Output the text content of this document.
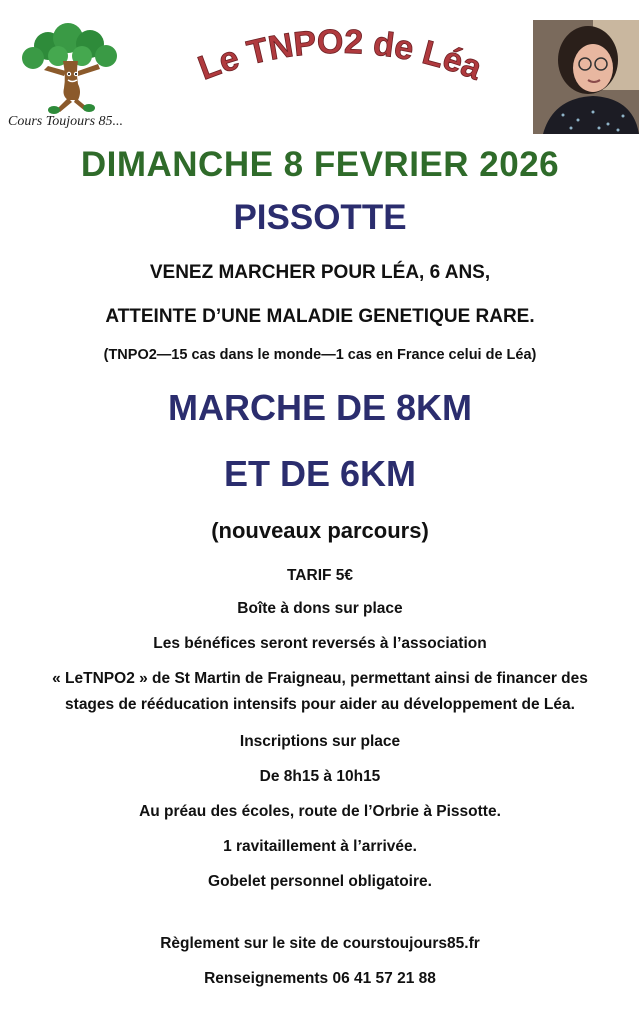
Cours Toujours 85...
Le TNPO2 de Léa
DIMANCHE 8 FEVRIER 2026
PISSOTTE
VENEZ MARCHER POUR LÉA, 6 ANS,
ATTEINTE D’UNE MALADIE GENETIQUE RARE.
(TNPO2—15 cas dans le monde—1 cas en France celui de Léa)
MARCHE DE 8KM
ET DE 6KM
(nouveaux parcours)
TARIF 5€
Boîte à dons sur place
Les bénéfices seront reversés à l’association
« LeTNPO2 » de St Martin de Fraigneau, permettant ainsi de financer des
stages de rééducation intensifs pour aider au développement de Léa.
Inscriptions sur place
De 8h15 à 10h15
Au préau des écoles, route de l’Orbrie à Pissotte.
1 ravitaillement à l’arrivée.
Gobelet personnel obligatoire.
Règlement sur le site de courstoujours85.fr
Renseignements 06 41 57 21 88
